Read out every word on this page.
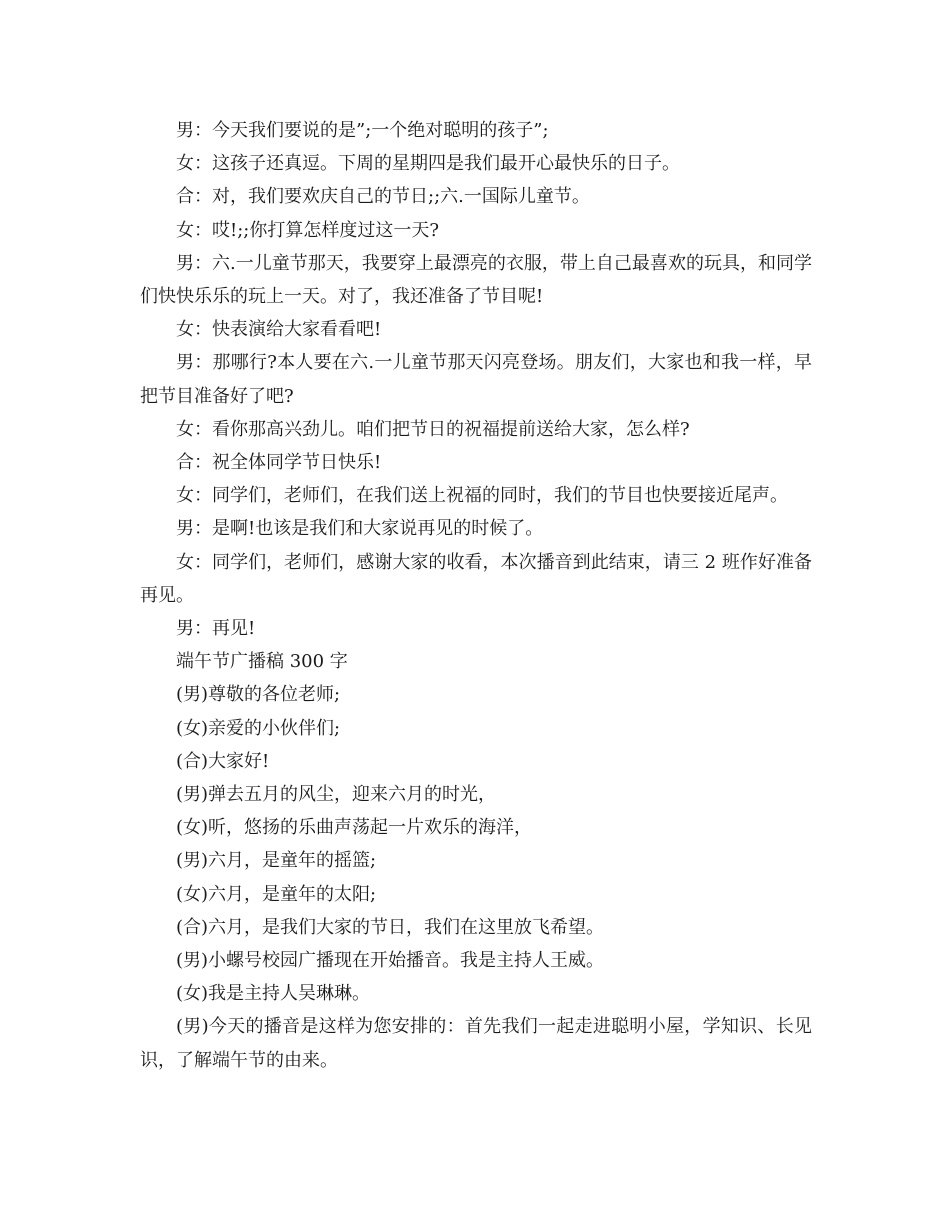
男：今天我们要说的是”;一个绝对聪明的孩子”;

女：这孩子还真逗。下周的星期四是我们最开心最快乐的日子。

合：对，我们要欢庆自己的节日;;六.一国际儿童节。

女：哎!;;你打算怎样度过这一天?

男：六.一儿童节那天，我要穿上最漂亮的衣服，带上自己最喜欢的玩具，和同学们快快乐乐的玩上一天。对了，我还准备了节目呢!

女：快表演给大家看看吧!

男：那哪行?本人要在六.一儿童节那天闪亮登场。朋友们，大家也和我一样，早把节目准备好了吧?

女：看你那高兴劲儿。咱们把节日的祝福提前送给大家，怎么样?

合：祝全体同学节日快乐!

女：同学们，老师们，在我们送上祝福的同时，我们的节目也快要接近尾声。

男：是啊!也该是我们和大家说再见的时候了。

女：同学们，老师们，感谢大家的收看，本次播音到此结束，请三 2 班作好准备再见。

男：再见!

端午节广播稿 300 字

(男)尊敬的各位老师;

(女)亲爱的小伙伴们;

(合)大家好!

(男)弹去五月的风尘，迎来六月的时光，

(女)听，悠扬的乐曲声荡起一片欢乐的海洋，

(男)六月，是童年的摇篮;

(女)六月，是童年的太阳;

(合)六月，是我们大家的节日，我们在这里放飞希望。

(男)小螺号校园广播现在开始播音。我是主持人王威。

(女)我是主持人吴琳琳。

(男)今天的播音是这样为您安排的：首先我们一起走进聪明小屋，学知识、长见识，了解端午节的由来。
